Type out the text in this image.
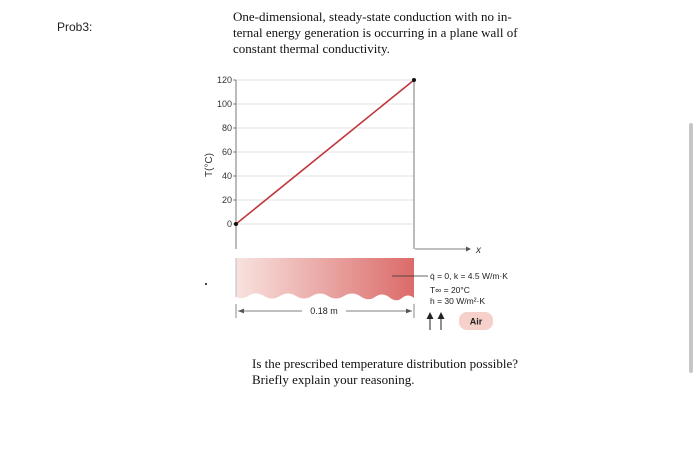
Prob3:
One-dimensional, steady-state conduction with no in-
ternal energy generation is occurring in a plane wall of
constant thermal conductivity.
0
20
40
60
80
100
120
T(°C)
x
q̇ = 0, k = 4.5 W/m·K
T∞ = 20°C
h = 30 W/m²·K
0.18 m
Air
Is the prescribed temperature distribution possible?
Briefly explain your reasoning.
